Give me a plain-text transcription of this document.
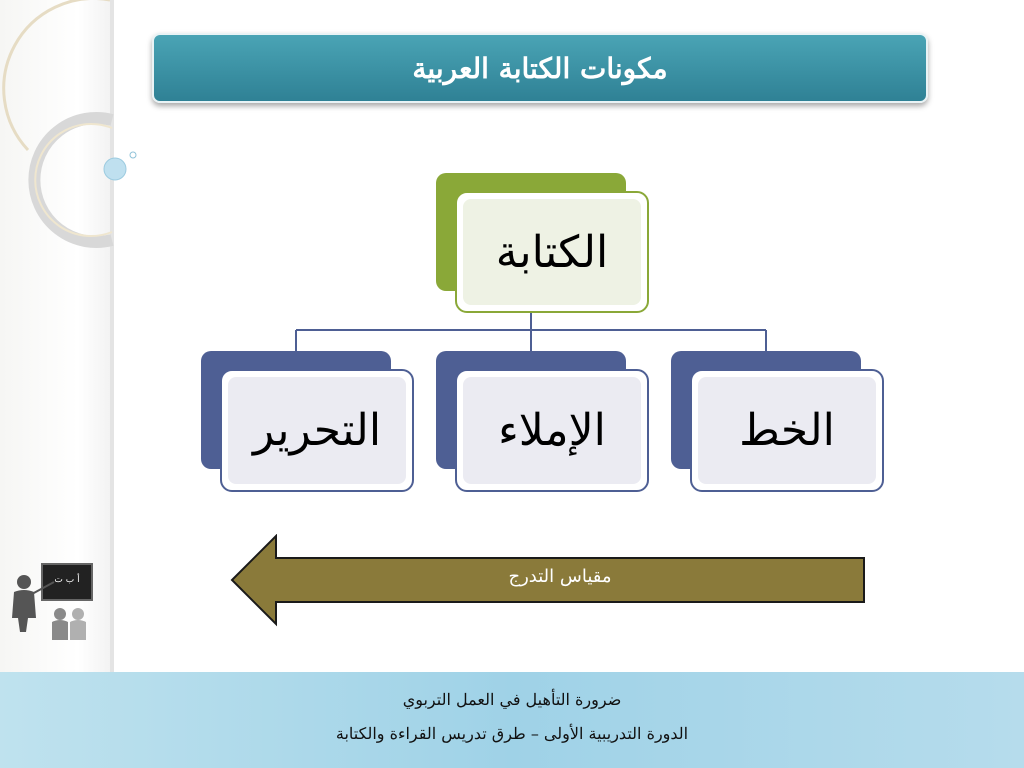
مكونات الكتابة العربية
الكتابة
التحرير	الإملاء	الخط
مقياس التدرج
أ ب ت
ضرورة التأهيل في العمل التربوي
الدورة التدريبية الأولى – طرق تدريس القراءة والكتابة
